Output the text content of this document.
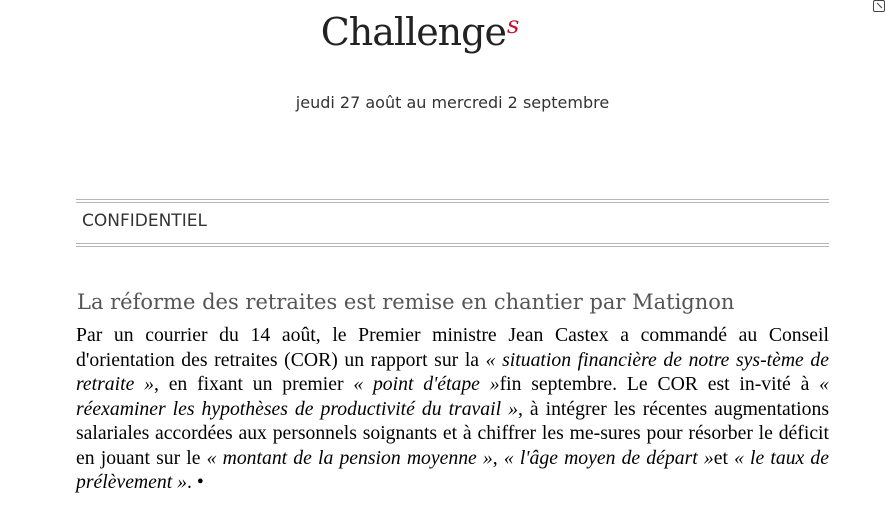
Challenge$^s$
jeudi 27 août au mercredi 2 septembre
CONFIDENTIEL
La réforme des retraites est remise en chantier par Matignon
Par un courrier du 14 août, le Premier ministre Jean Castex a commandé au Conseil d'orientation des retraites (COR) un rapport sur la « situation financière de notre sys-tème de retraite », en fixant un premier « point d'étape »fin septembre. Le COR est in-vité à « réexaminer les hypothèses de productivité du travail », à intégrer les récentes augmentations salariales accordées aux personnels soignants et à chiffrer les me-sures pour résorber le déficit en jouant sur le « montant de la pension moyenne », « l'âge moyen de départ »et « le taux de prélèvement ». •
